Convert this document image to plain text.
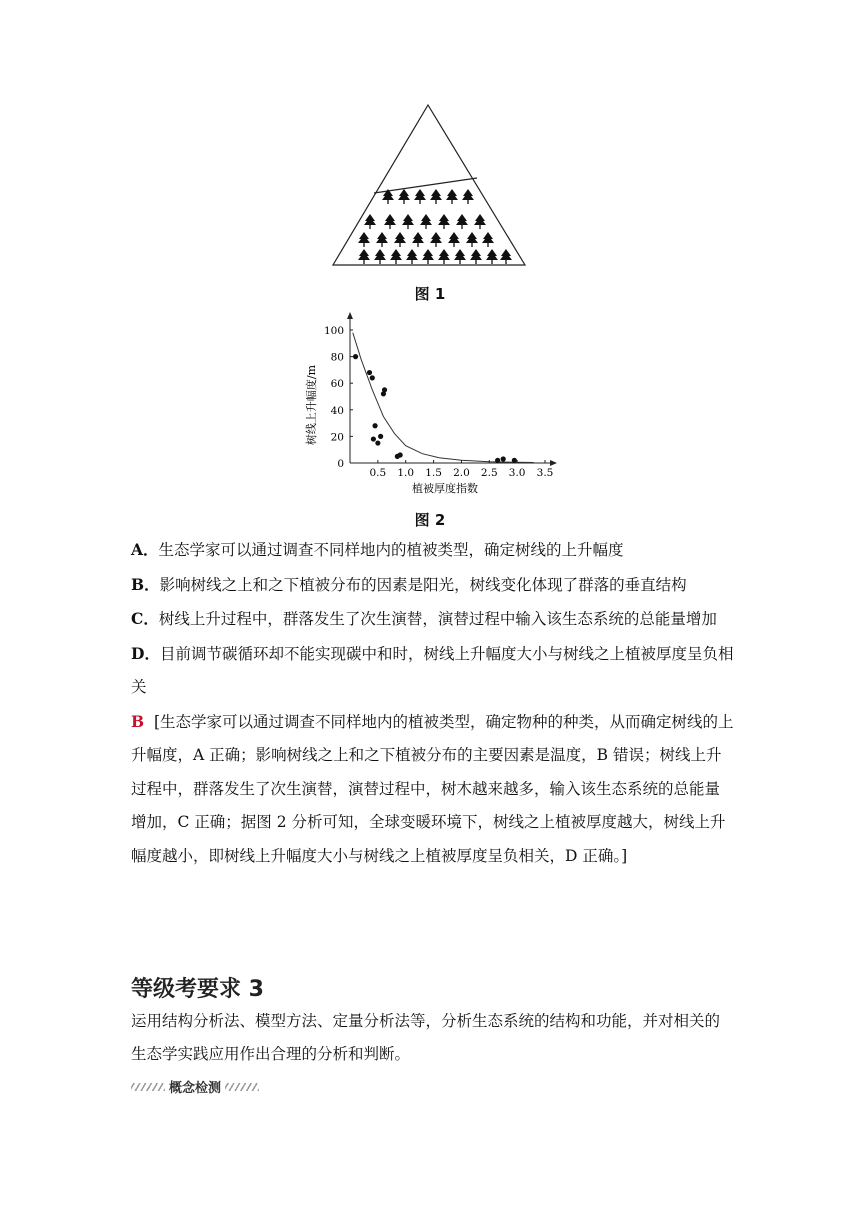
图 1
0.5 1.0 1.5 2.0 2.5 3.0 3.5
0
20
40
60
80
100
植被厚度指数
树线上升幅度/m
图 2

A．生态学家可以通过调查不同样地内的植被类型，确定树线的上升幅度

B．影响树线之上和之下植被分布的因素是阳光，树线变化体现了群落的垂直结构

C．树线上升过程中，群落发生了次生演替，演替过程中输入该生态系统的总能量增加

D．目前调节碳循环却不能实现碳中和时，树线上升幅度大小与树线之上植被厚度呈负相关

B [生态学家可以通过调查不同样地内的植被类型，确定物种的种类，从而确定树线的上升幅度，A 正确；影响树线之上和之下植被分布的主要因素是温度，B 错误；树线上升过程中，群落发生了次生演替，演替过程中，树木越来越多，输入该生态系统的总能量增加，C 正确；据图 2 分析可知，全球变暖环境下，树线之上植被厚度越大，树线上升幅度越小，即树线上升幅度大小与树线之上植被厚度呈负相关，D 正确。]

等级考要求 3
运用结构分析法、模型方法、定量分析法等，分析生态系统的结构和功能，并对相关的生态学实践应用作出合理的分析和判断。
概念检测
